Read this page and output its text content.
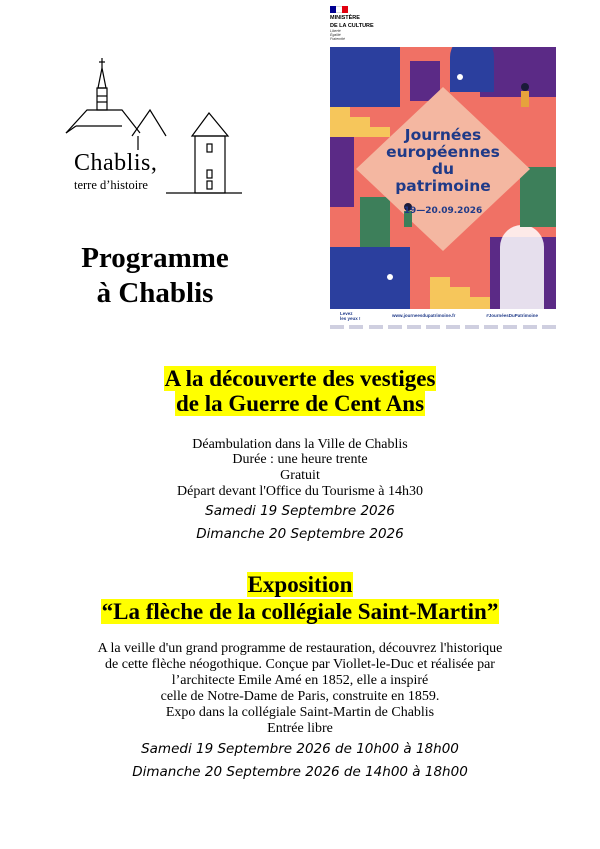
Chablis,
terre d’histoire
Programme
à Chablis
MINISTÈRE
DE LA CULTURE
Liberté
Égalité
Fraternité
Journées
européennes
du
patrimoine
19—20.09.2026
Levez
les yeux !
www.journeesdupatrimoine.fr	#JournéesDuPatrimoine
A la découverte des vestiges
de la Guerre de Cent Ans
Déambulation dans la Ville de Chablis
Durée : une heure trente
Gratuit
Départ devant l'Office du Tourisme à 14h30
Samedi 19 Septembre 2026
Dimanche 20 Septembre 2026
Exposition
“La flèche de la collégiale Saint-Martin”
A la veille d'un grand programme de restauration, découvrez l'historique
de cette flèche néogothique. Conçue par Viollet-le-Duc et réalisée par
l’architecte Emile Amé en 1852, elle a inspiré
celle de Notre-Dame de Paris, construite en 1859.
Expo dans la collégiale Saint-Martin de Chablis
Entrée libre
Samedi 19 Septembre 2026 de 10h00 à 18h00
Dimanche 20 Septembre 2026 de 14h00 à 18h00
